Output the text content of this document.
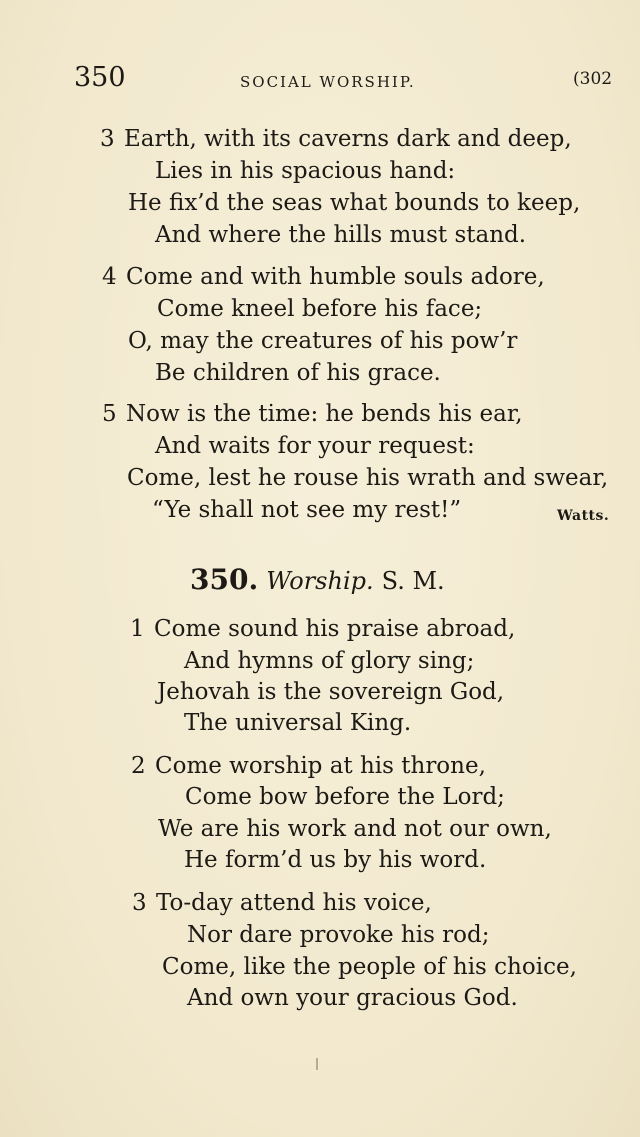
350	SOCIAL WORSHIP.	(302
3 Earth, with its caverns dark and deep,
Lies in his spacious hand:
He fix’d the seas what bounds to keep,
And where the hills must stand.
4 Come and with humble souls adore,
Come kneel before his face;
O, may the creatures of his pow’r
Be children of his grace.
5 Now is the time: he bends his ear,
And waits for your request:
Come, lest he rouse his wrath and swear,
“Ye shall not see my rest!”	Watts.
350. Worship. S. M.
1 Come sound his praise abroad,
And hymns of glory sing;
Jehovah is the sovereign God,
The universal King.
2 Come worship at his throne,
Come bow before the Lord;
We are his work and not our own,
He form’d us by his word.
3 To-day attend his voice,
Nor dare provoke his rod;
Come, like the people of his choice,
And own your gracious God.
